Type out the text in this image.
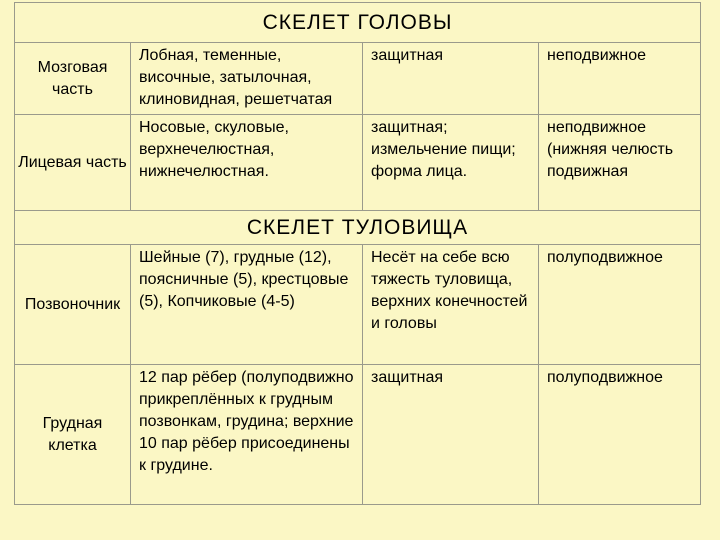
СКЕЛЕТ ГОЛОВЫ			
Мозговая часть	Лобная, теменные, височные, затылочная, клиновидная, решетчатая	защитная	неподвижное
Лицевая часть	Носовые, скуловые, верхнечелюстная, нижнечелюстная.	защитная; измельчение пищи; форма лица.	неподвижное (нижняя челюсть подвижная
СКЕЛЕТ ТУЛОВИЩА			
Позвоночник	Шейные (7), грудные (12), поясничные (5), крестцовые (5), Копчиковые (4-5)	Несёт на себе всю тяжесть туловища, верхних конечностей и головы	полуподвижное
Грудная клетка	12 пар рёбер (полуподвижно прикреплённых к грудным позвонкам, грудина; верхние 10 пар рёбер присоединены к грудине.	защитная	полуподвижное
